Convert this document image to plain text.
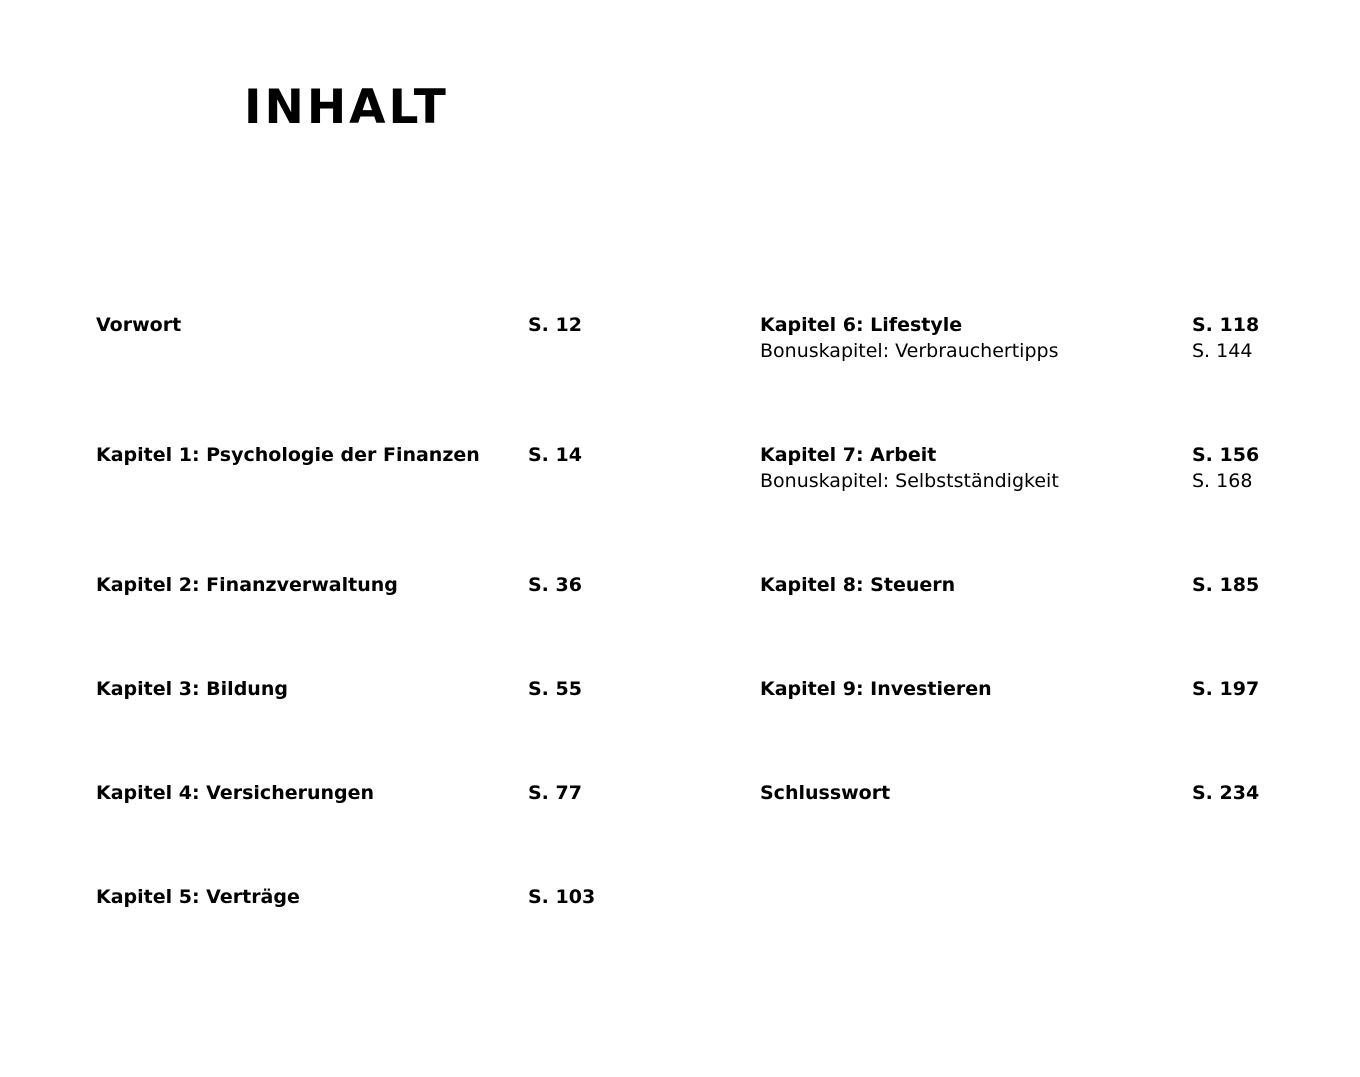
INHALT
Vorwort	S. 12
Kapitel 1: Psychologie der Finanzen	S. 14
Kapitel 2: Finanzverwaltung	S. 36
Kapitel 3: Bildung	S. 55
Kapitel 4: Versicherungen	S. 77
Kapitel 5: Verträge	S. 103
Kapitel 6: Lifestyle	S. 118
Bonuskapitel: Verbrauchertipps	S. 144
Kapitel 7: Arbeit	S. 156
Bonuskapitel: Selbstständigkeit	S. 168
Kapitel 8: Steuern	S. 185
Kapitel 9: Investieren	S. 197
Schlusswort	S. 234
